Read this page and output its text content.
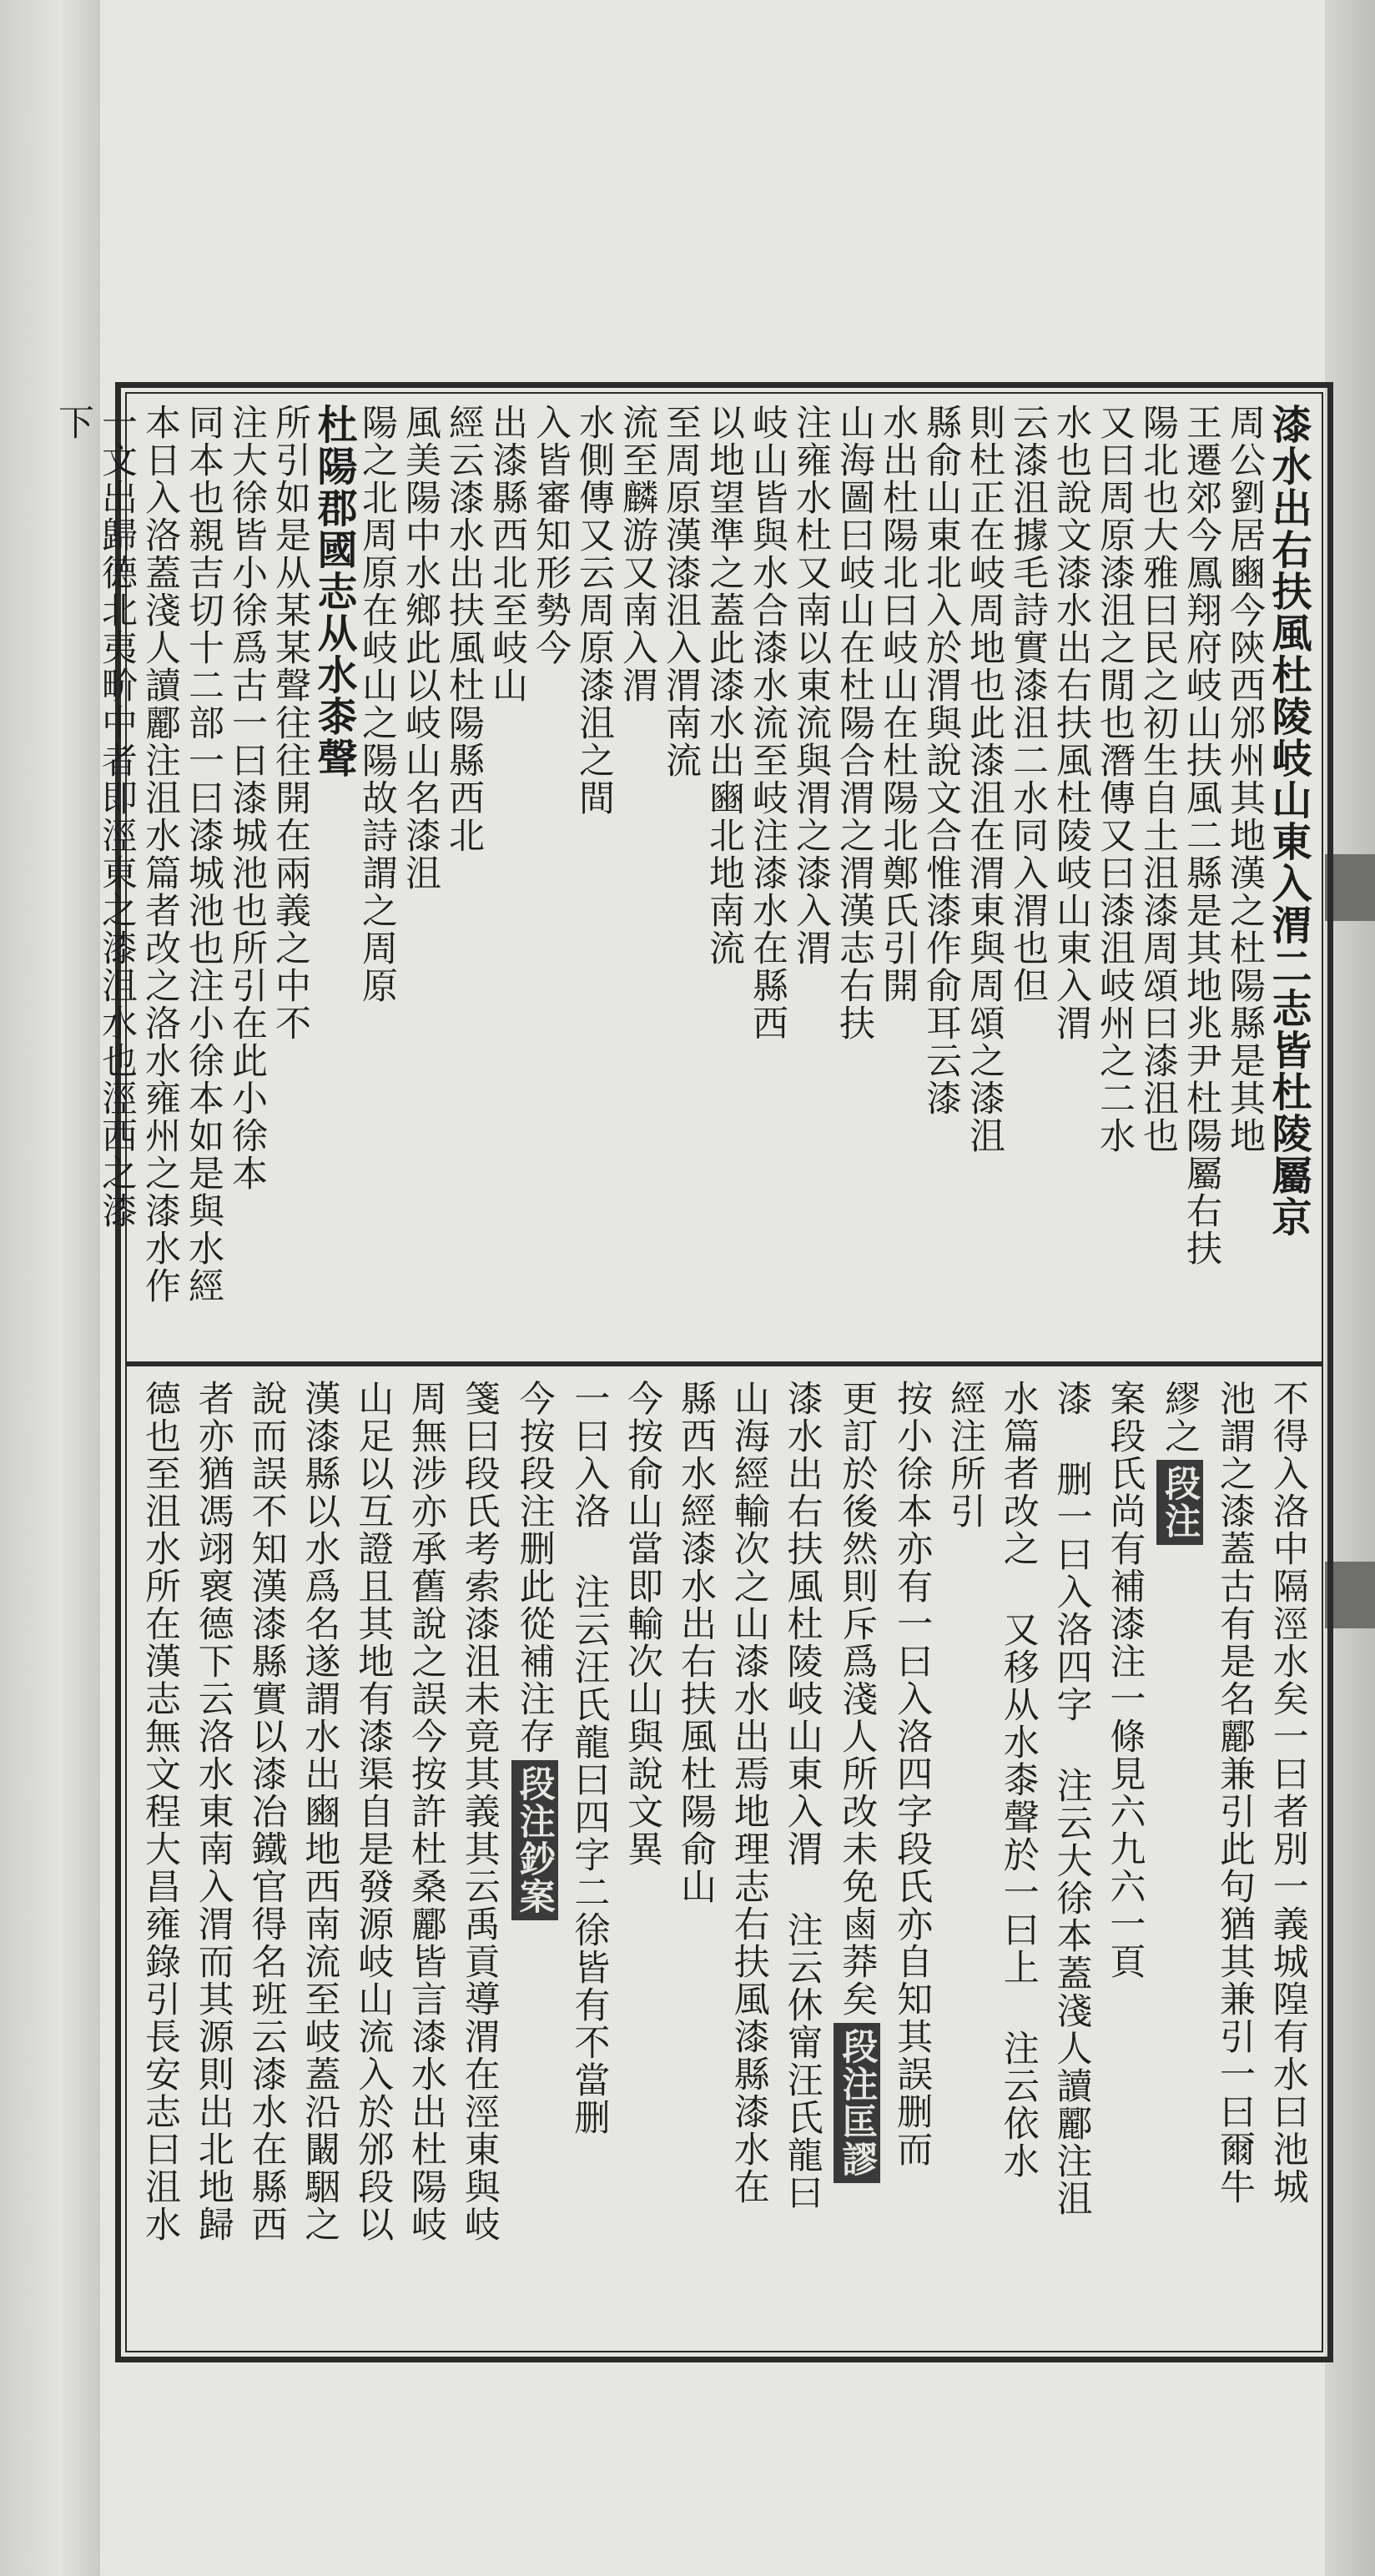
漆水出右扶風杜陵岐山東入渭二志皆杜陵屬京
周公劉居豳今陝西邠州其地漢之杜陽縣是其地
王遷郊今鳳翔府岐山扶風二縣是其地兆尹杜陽屬右扶
陽北也大雅曰民之初生自土沮漆周頌曰漆沮也
又曰周原漆沮之閒也潛傳又曰漆沮岐州之二水
水也說文漆水出右扶風杜陵岐山東入渭
云漆沮據毛詩實漆沮二水同入渭也但
則杜正在岐周地也此漆沮在渭東與周頌之漆沮
縣俞山東北入於渭與說文合惟漆作俞耳云漆
水出杜陽北曰岐山在杜陽北鄭氏引開
山海圖曰岐山在杜陽合渭之渭漢志右扶
注雍水杜又南以東流與渭之漆入渭
岐山皆與水合漆水流至岐注漆水在縣西
以地望準之蓋此漆水出豳北地南流
至周原漢漆沮入渭南流
流至麟游又南入渭
水側傳又云周原漆沮之間
入皆審知形勢今
出漆縣西北至岐山
經云漆水出扶風杜陽縣西北
風美陽中水鄉此以岐山名漆沮
陽之北周原在岐山之陽故詩謂之周原
杜陽郡國志从水桼聲
所引如是从某某聲往往開在兩義之中不
注大徐皆小徐爲古一曰漆城池也所引在此小徐本
同本也親吉切十二部一曰漆城池也注小徐本如是與水經
本日入洛蓋淺人讀酈注沮水篇者改之洛水雍州之漆水作
一文出歸德北夷畍中者即涇東之漆沮水也涇西之漆
下
不得入洛中隔涇水矣一曰者別一義城隍有水曰池城
池謂之漆蓋古有是名酈兼引此句猶其兼引一曰爾牛
繆之段注
案段氏尚有補漆注一條見六九六一頁
漆 删一曰入洛四字 注云大徐本蓋淺人讀酈注沮
水篇者改之 又移从水桼聲於一曰上 注云依水
經注所引
按小徐本亦有一曰入洛四字段氏亦自知其誤删而
更訂於後然則斥爲淺人所改未免鹵莽矣段注匡謬
漆水出右扶風杜陵岐山東入渭 注云休甯汪氏龍曰
山海經輸次之山漆水出焉地理志右扶風漆縣漆水在
縣西水經漆水出右扶風杜陽俞山
今按俞山當即輸次山與說文異
一曰入洛 注云汪氏龍曰四字二徐皆有不當删
今按段注删此從補注存段注鈔案
箋曰段氏考索漆沮未竟其義其云禹貢導渭在涇東與岐
周無涉亦承舊說之誤今按許杜桑酈皆言漆水出杜陽岐
山足以互證且其地有漆渠自是發源岐山流入於邠段以
漢漆縣以水爲名遂謂水出豳地西南流至岐蓋沿闞駰之
說而誤不知漢漆縣實以漆冶鐵官得名班云漆水在縣西
者亦猶馮翊褱德下云洛水東南入渭而其源則出北地歸
德也至沮水所在漢志無文程大昌雍錄引長安志曰沮水
